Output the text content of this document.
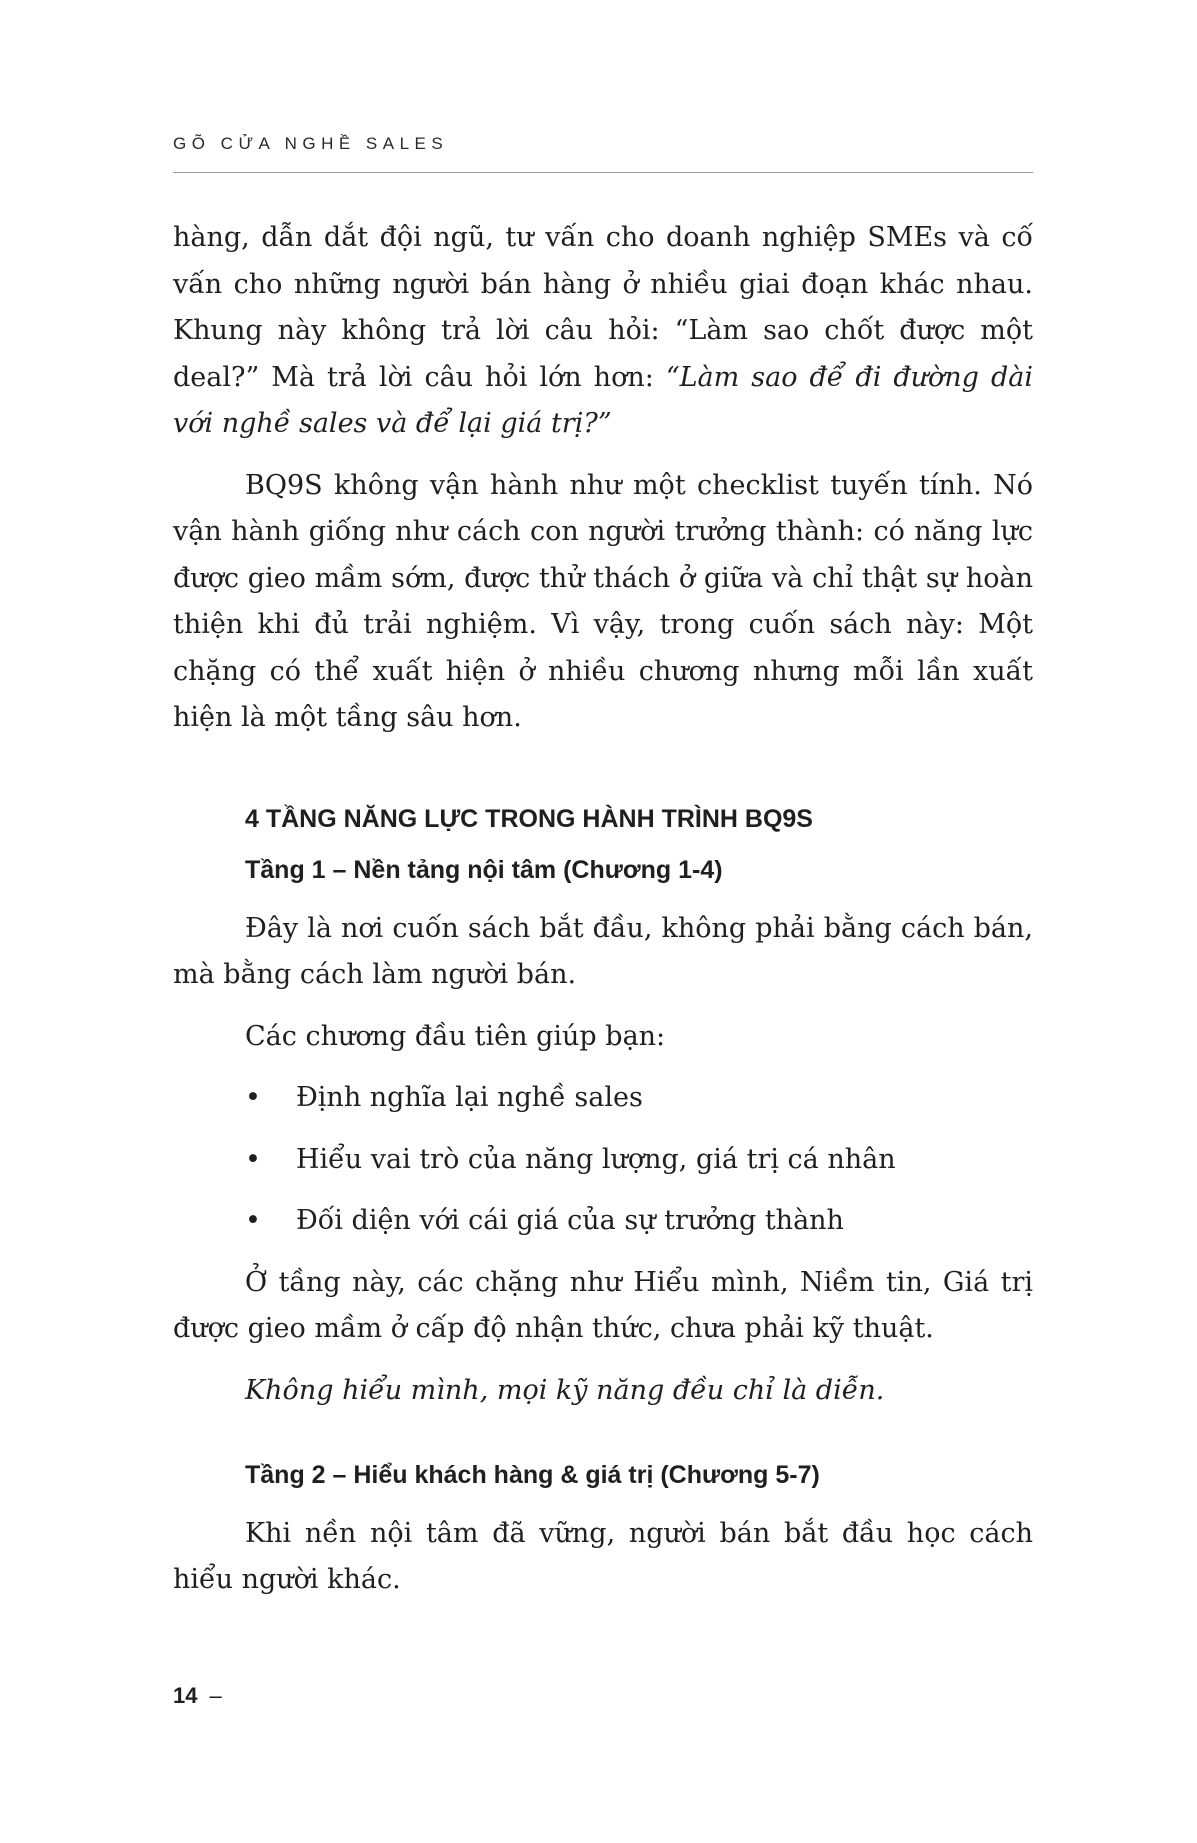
GÕ CỬA NGHỀ SALES

hàng, dẫn dắt đội ngũ, tư vấn cho doanh nghiệp SMEs và cố vấn cho những người bán hàng ở nhiều giai đoạn khác nhau. Khung này không trả lời câu hỏi: “Làm sao chốt được một deal?” Mà trả lời câu hỏi lớn hơn: “Làm sao để đi đường dài với nghề sales và để lại giá trị?”

BQ9S không vận hành như một checklist tuyến tính. Nó vận hành giống như cách con người trưởng thành: có năng lực được gieo mầm sớm, được thử thách ở giữa và chỉ thật sự hoàn thiện khi đủ trải nghiệm. Vì vậy, trong cuốn sách này: Một chặng có thể xuất hiện ở nhiều chương nhưng mỗi lần xuất hiện là một tầng sâu hơn.

4 TẦNG NĂNG LỰC TRONG HÀNH TRÌNH BQ9S
Tầng 1 – Nền tảng nội tâm (Chương 1-4)

Đây là nơi cuốn sách bắt đầu, không phải bằng cách bán, mà bằng cách làm người bán.

Các chương đầu tiên giúp bạn:

• Định nghĩa lại nghề sales
• Hiểu vai trò của năng lượng, giá trị cá nhân
• Đối diện với cái giá của sự trưởng thành

Ở tầng này, các chặng như Hiểu mình, Niềm tin, Giá trị được gieo mầm ở cấp độ nhận thức, chưa phải kỹ thuật.

Không hiểu mình, mọi kỹ năng đều chỉ là diễn.

Tầng 2 – Hiểu khách hàng & giá trị (Chương 5-7)

Khi nền nội tâm đã vững, người bán bắt đầu học cách hiểu người khác.

14 –
